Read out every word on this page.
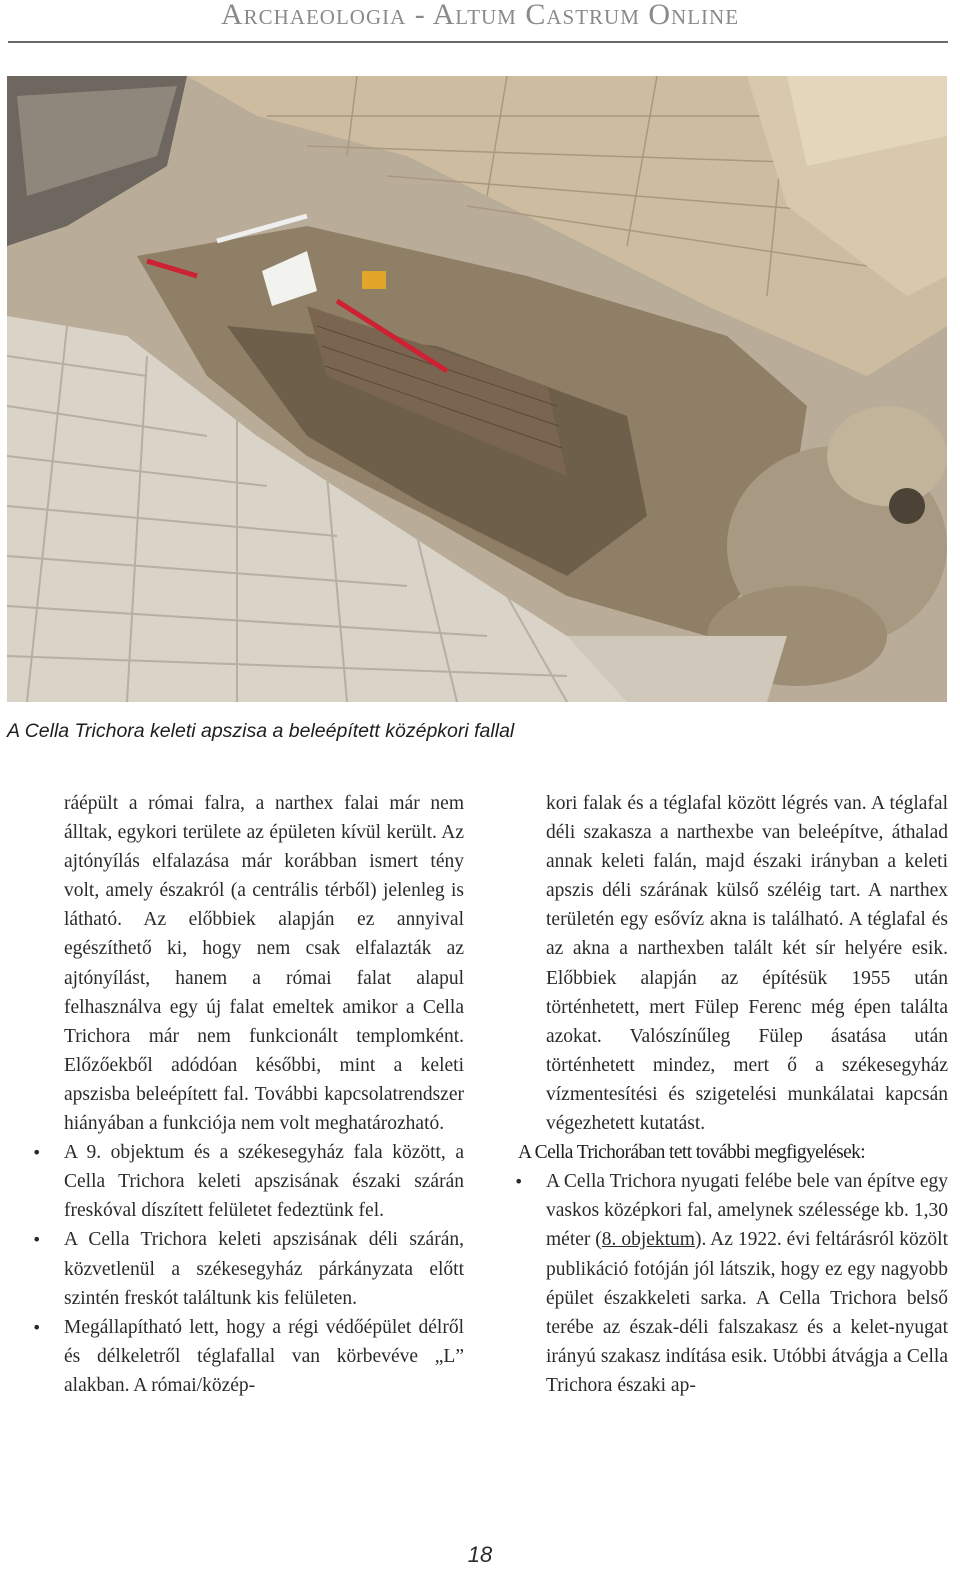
Archaeologia - Altum Castrum Online
A Cella Trichora keleti apszisa a beleépített középkori fallal

ráépült a római falra, a narthex falai már nem álltak, egykori területe az épületen kívül került. Az ajtónyílás elfalazása már korábban ismert tény volt, amely északról (a centrális térből) jelenleg is látható. Az előbbiek alapján ez annyival egészíthető ki, hogy nem csak elfalazták az ajtónyílást, hanem a római falat alapul felhasználva egy új falat emeltek amikor a Cella Trichora már nem funkcionált templomként. Előzőekből adódóan későbbi, mint a keleti apszisba beleépített fal. További kapcsolatrendszer hiányában a funkciója nem volt meghatározható.

• A 9. objektum és a székesegyház fala között, a Cella Trichora keleti apszisának északi szárán freskóval díszített felületet fedeztünk fel.
• A Cella Trichora keleti apszisának déli szárán, közvetlenül a székesegyház párkányzata előtt szintén freskót találtunk kis felületen.
• Megállapítható lett, hogy a régi védőépület délről és délkeletről téglafallal van körbevéve „L” alakban. A római/közép-

kori falak és a téglafal között légrés van. A téglafal déli szakasza a narthexbe van beleépítve, áthalad annak keleti falán, majd északi irányban a keleti apszis déli szárának külső széléig tart. A narthex területén egy esővíz akna is található. A téglafal és az akna a narthexben talált két sír helyére esik. Előbbiek alapján az építésük 1955 után történhetett, mert Fülep Ferenc még épen találta azokat. Valószínűleg Fülep ásatása után történhetett mindez, mert ő a székesegyház vízmentesítési és szigetelési munkálatai kapcsán végezhetett kutatást.

A Cella Trichorában tett további megfigyelések:

• A Cella Trichora nyugati felébe bele van építve egy vaskos középkori fal, amelynek szélessége kb. 1,30 méter (8. objektum). Az 1922. évi feltárásról közölt publikáció fotóján jól látszik, hogy ez egy nagyobb épület északkeleti sarka. A Cella Trichora belső terébe az észak-déli falszakasz és a kelet-nyugat irányú szakasz indítása esik. Utóbbi átvágja a Cella Trichora északi ap-
18
